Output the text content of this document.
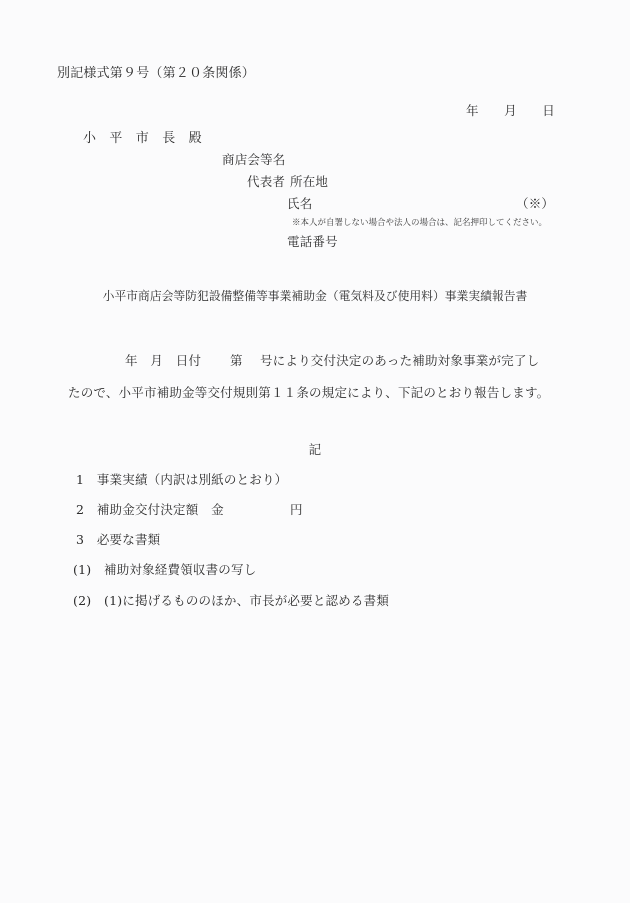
別記様式第９号（第２０条関係）
年　　月　　日
小　平　市　長　殿
商店会等名
代表者 所在地
氏名	（※）
※本人が自署しない場合や法人の場合は、記名押印してください。
電話番号
小平市商店会等防犯設備整備等事業補助金（電気料及び使用料）事業実績報告書
年　月　日付 第 号により交付決定のあった補助対象事業が完了し
たので、小平市補助金等交付規則第１１条の規定により、下記のとおり報告します。
記
1　事業実績（内訳は別紙のとおり）
2　補助金交付決定額　金	円
3　必要な書類
(1)　補助対象経費領収書の写し
(2)　(1)に掲げるもののほか、市長が必要と認める書類
